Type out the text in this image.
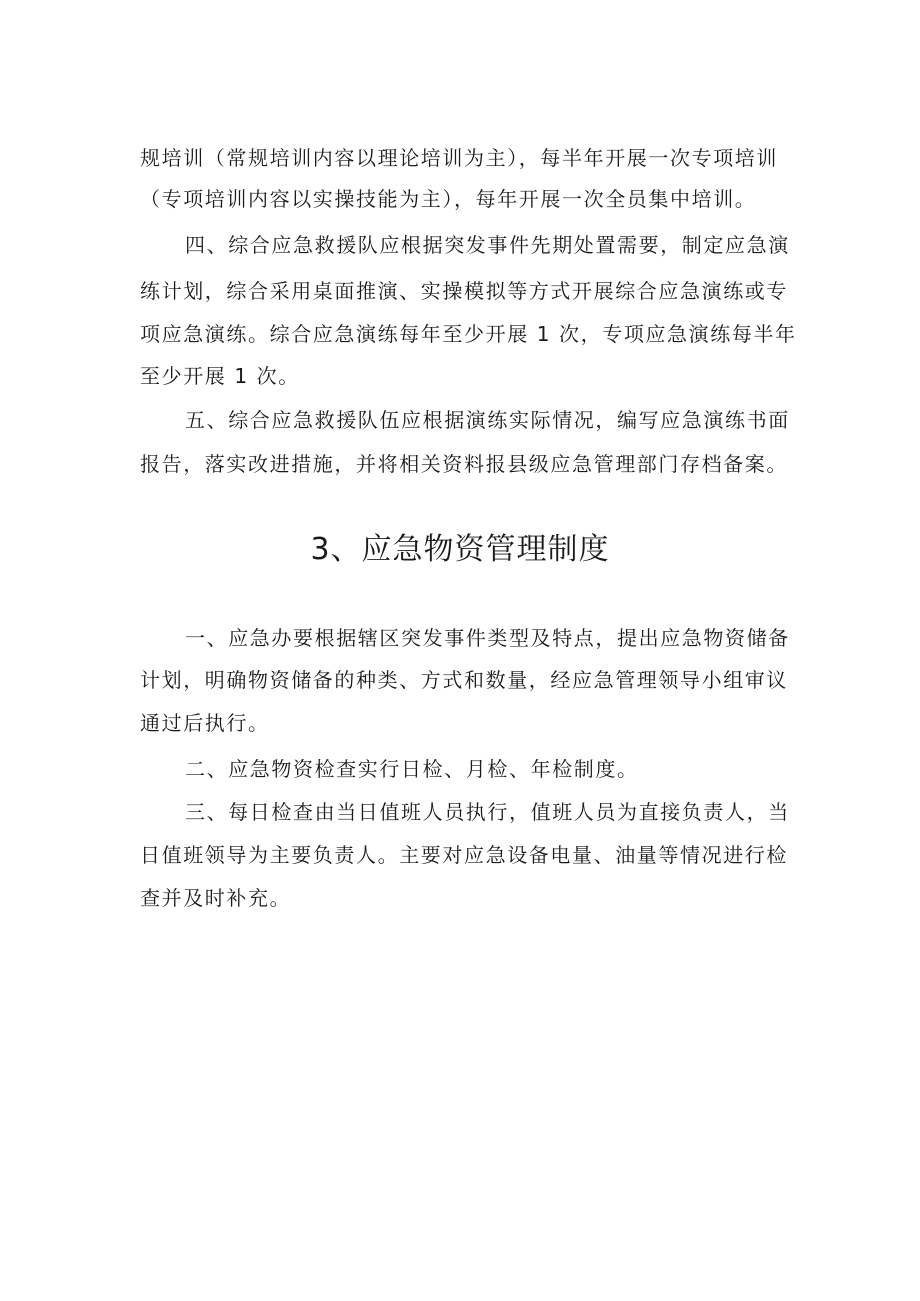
规培训（常规培训内容以理论培训为主），每半年开展一次专项培训
（专项培训内容以实操技能为主），每年开展一次全员集中培训。
四、综合应急救援队应根据突发事件先期处置需要，制定应急演
练计划，综合采用桌面推演、实操模拟等方式开展综合应急演练或专
项应急演练。综合应急演练每年至少开展 1 次，专项应急演练每半年
至少开展 1 次。
五、综合应急救援队伍应根据演练实际情况，编写应急演练书面
报告，落实改进措施，并将相关资料报县级应急管理部门存档备案。
3、应急物资管理制度
一、应急办要根据辖区突发事件类型及特点，提出应急物资储备
计划，明确物资储备的种类、方式和数量，经应急管理领导小组审议
通过后执行。
二、应急物资检查实行日检、月检、年检制度。
三、每日检查由当日值班人员执行，值班人员为直接负责人，当
日值班领导为主要负责人。主要对应急设备电量、油量等情况进行检
查并及时补充。
